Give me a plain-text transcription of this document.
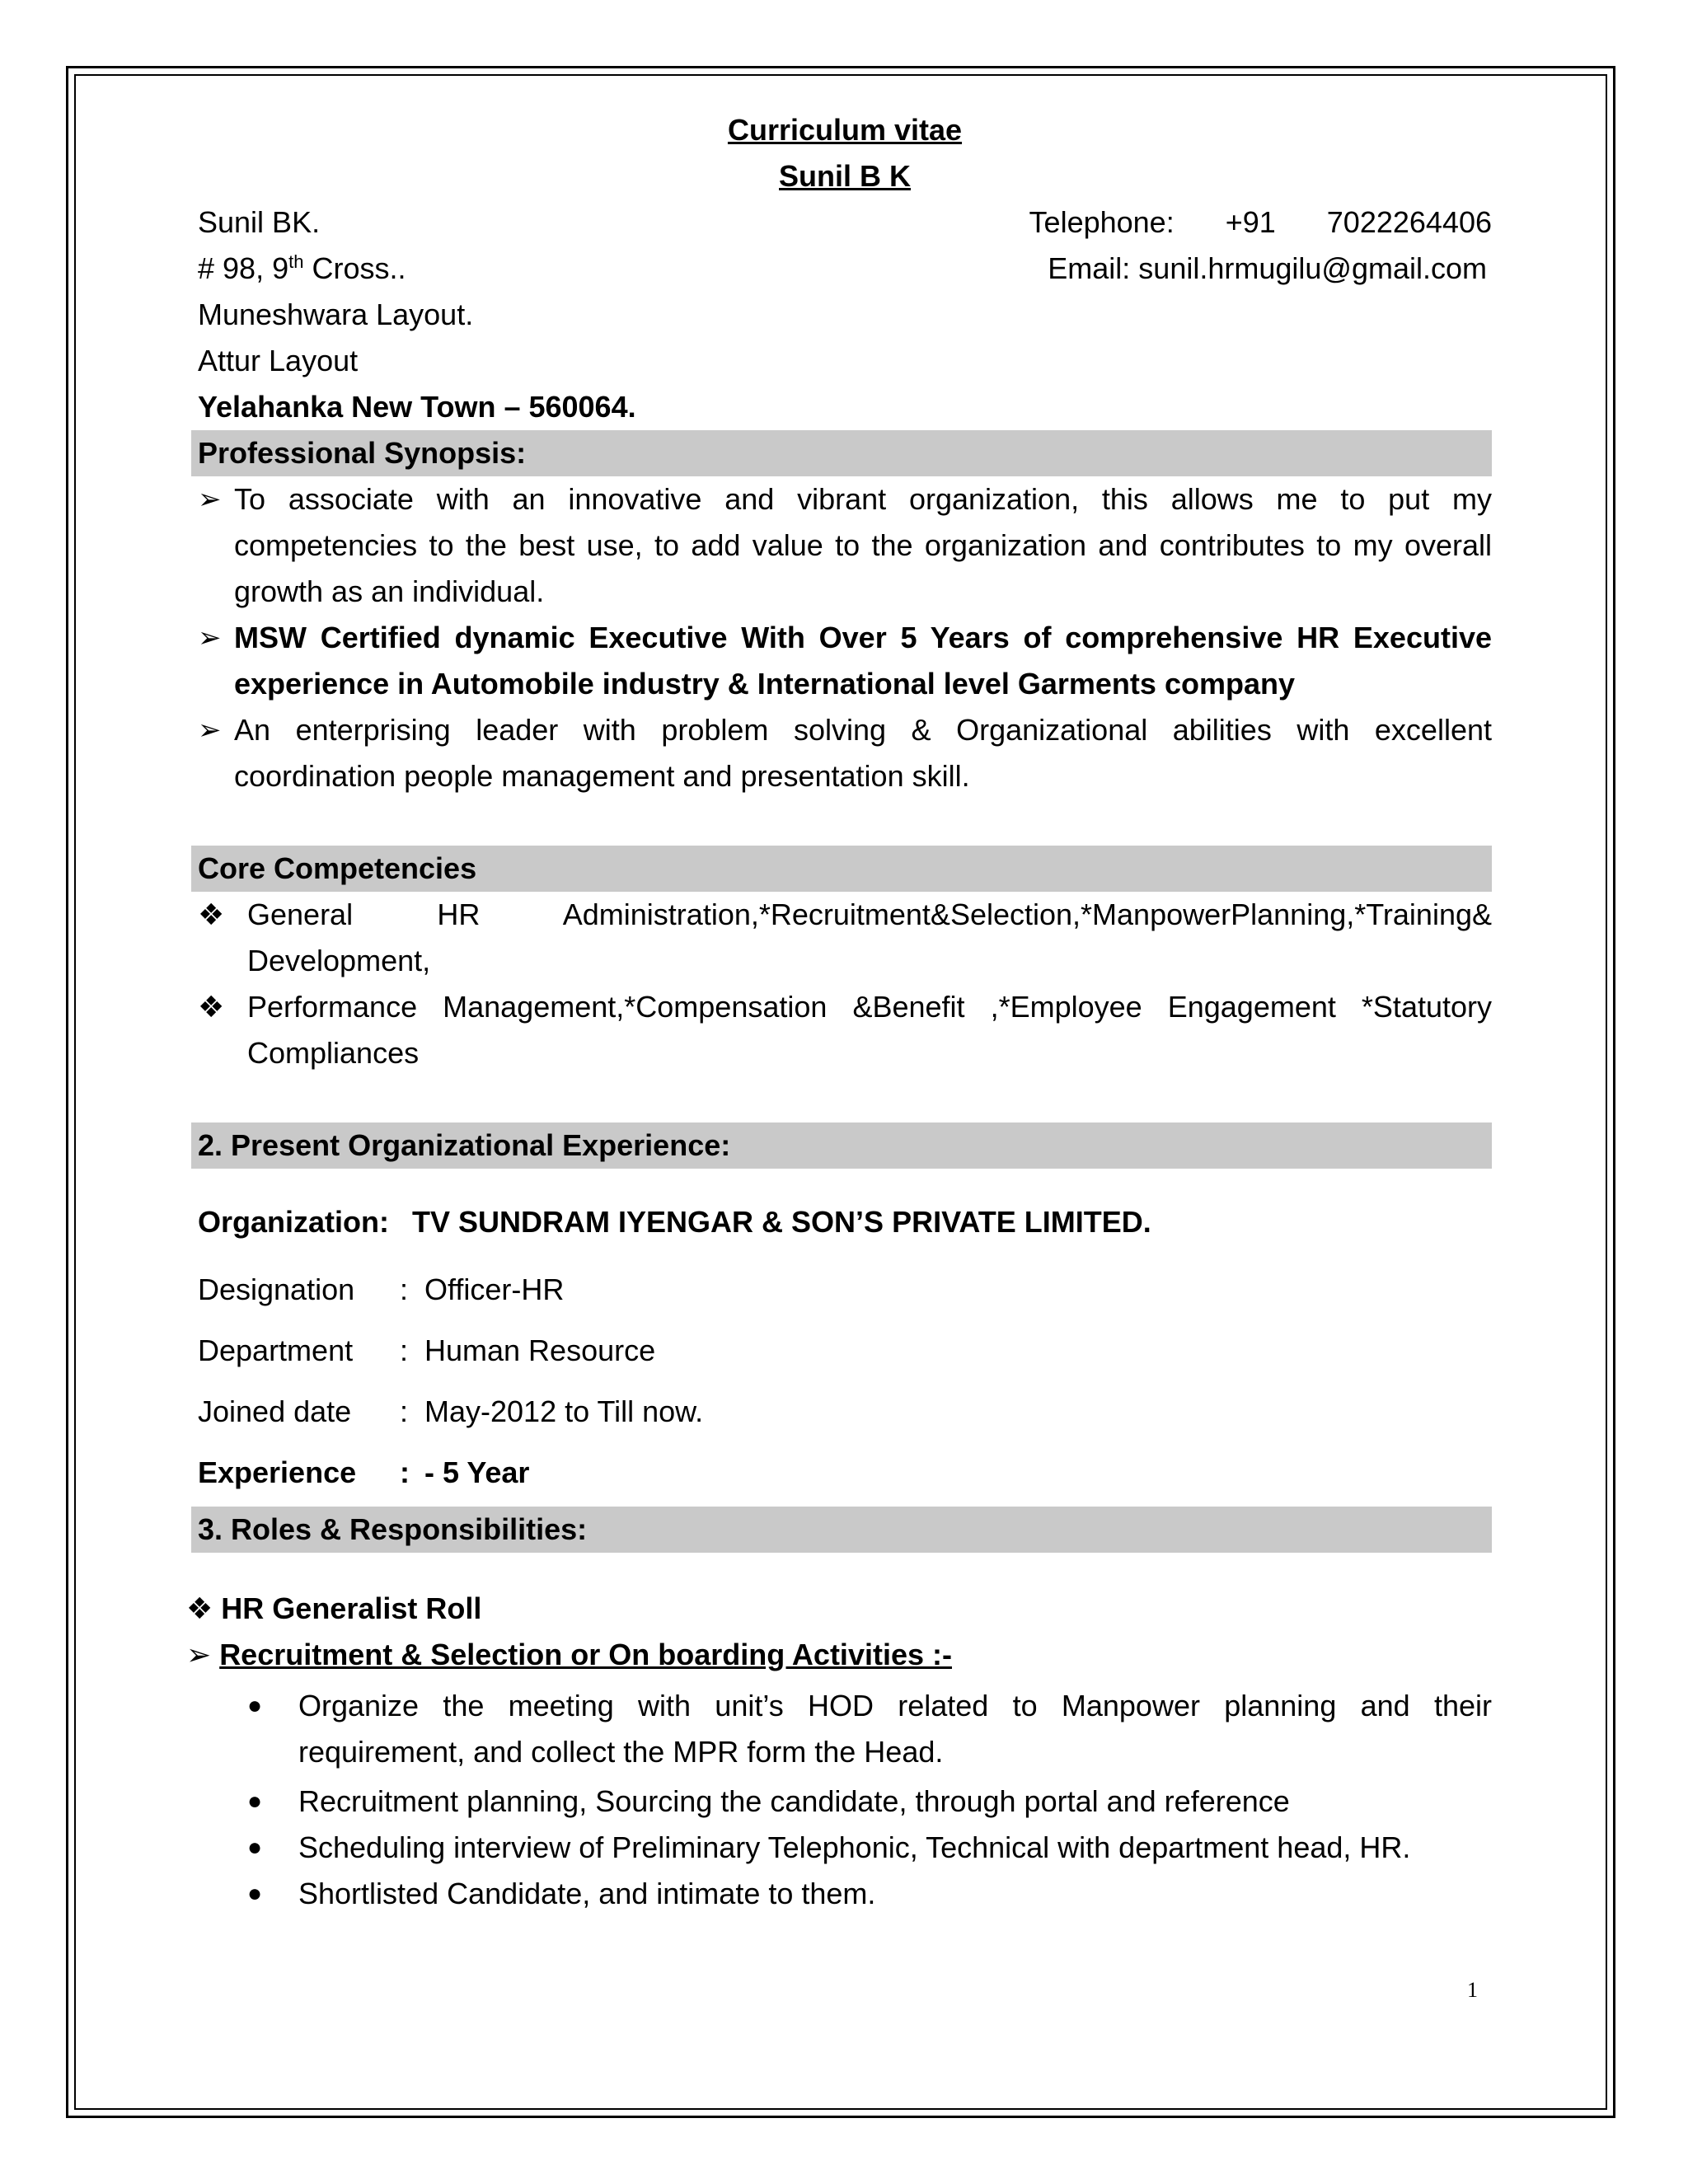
Curriculum vitae
Sunil B K
Sunil BK.	Telephone: +91 7022264406
# 98, 9th Cross..	Email: sunil.hrmugilu@gmail.com
Muneshwara Layout.
Attur Layout
Yelahanka New Town – 560064.
Professional Synopsis:
➢ To associate with an innovative and vibrant organization, this allows me to put my competencies to the best use, to add value to the organization and contributes to my overall growth as an individual.
➢ MSW Certified dynamic Executive With Over 5 Years of comprehensive HR Executive experience in Automobile industry & International level Garments company
➢ An enterprising leader with problem solving & Organizational abilities with excellent coordination people management and presentation skill.
Core Competencies
❖ General      HR      Administration,*Recruitment&Selection,*ManpowerPlanning,*Training& Development,
❖ Performance Management,*Compensation &Benefit ,*Employee Engagement *Statutory Compliances
2. Present Organizational Experience:
Organization: TV SUNDRAM IYENGAR & SON’S PRIVATE LIMITED.
Designation	: Officer-HR
Department	: Human Resource
Joined date	: May-2012 to Till now.
Experience	: - 5 Year
3. Roles & Responsibilities:
❖ HR Generalist Roll
➢ Recruitment & Selection or On boarding Activities :-
● Organize the meeting with unit’s HOD related to Manpower planning and their requirement, and collect the MPR form the Head.
● Recruitment planning, Sourcing the candidate, through portal and reference
● Scheduling interview of Preliminary Telephonic, Technical with department head, HR.
● Shortlisted Candidate, and intimate to them.
1
